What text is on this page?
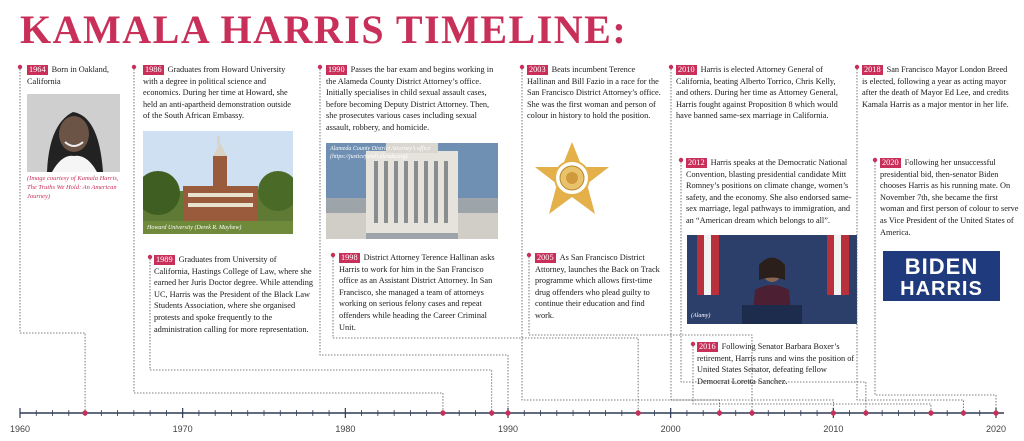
KAMALA HARRIS TIMELINE:
1964 Born in Oakland, California
1986 Graduates from Howard University with a degree in political science and economics. During her time at Howard, she held an anti-apartheid demonstration outside of the South African Embassy.
1989 Graduates from University of California, Hastings College of Law, where she earned her Juris Doctor degree. While attending UC, Harris was the President of the Black Law Students Association, where she organised protests and spoke frequently to the administration calling for more representation.
1990 Passes the bar exam and begins working in the Alameda County District Attorney’s office. Initially specialises in child sexual assault cases, before becoming Deputy District Attorney. Then, she prosecutes various cases including sexual assault, robbery, and homicide.
1998 District Attorney Terence Hallinan asks Harris to work for him in the San Francisco office as an Assistant District Attorney. In San Francisco, she managed a team of attorneys working on serious felony cases and repeat offenders while heading the Career Criminal Unit.
2003 Beats incumbent Terence Hallinan and Bill Fazio in a race for the San Francisco District Attorney’s office. She was the first woman and person of colour in history to hold the position.
2005 As San Francisco District Attorney, launches the Back on Track programme which allows first-time drug offenders who plead guilty to continue their education and find work.
2010 Harris is elected Attorney General of California, beating Alberto Torrico, Chris Kelly, and others. During her time as Attorney General, Harris fought against Proposition 8 which would have banned same-sex marriage in California.
2012 Harris speaks at the Democratic National Convention, blasting presidential candidate Mitt Romney’s positions on climate change, women’s safety, and the economy. She also endorsed same-sex marriage, legal pathways to immigration, and an “American dream which belongs to all”.
2016 Following Senator Barbara Boxer’s retirement, Harris runs and wins the position of United States Senator, defeating fellow Democrat Loretta Sanchez.
2018 San Francisco Mayor London Breed is elected, following a year as acting mayor after the death of Mayor Ed Lee, and credits Kamala Harris as a major mentor in her life.
2020 Following her unsuccessful presidential bid, then-senator Biden chooses Harris as his running mate. On November 7th, she became the first woman and first person of colour to serve as Vice President of the United States of America.
(Image courtesy of Kamala Harris, The Truths We Hold: An American Journey)
Howard University (Derek R. Mayhew)
Alameda County District Attorney’s office (https://justiceforall.alcoda.org)
(Alamy)
BIDEN
HARRIS
1960	1970	1980	1990	2000	2010	2020
